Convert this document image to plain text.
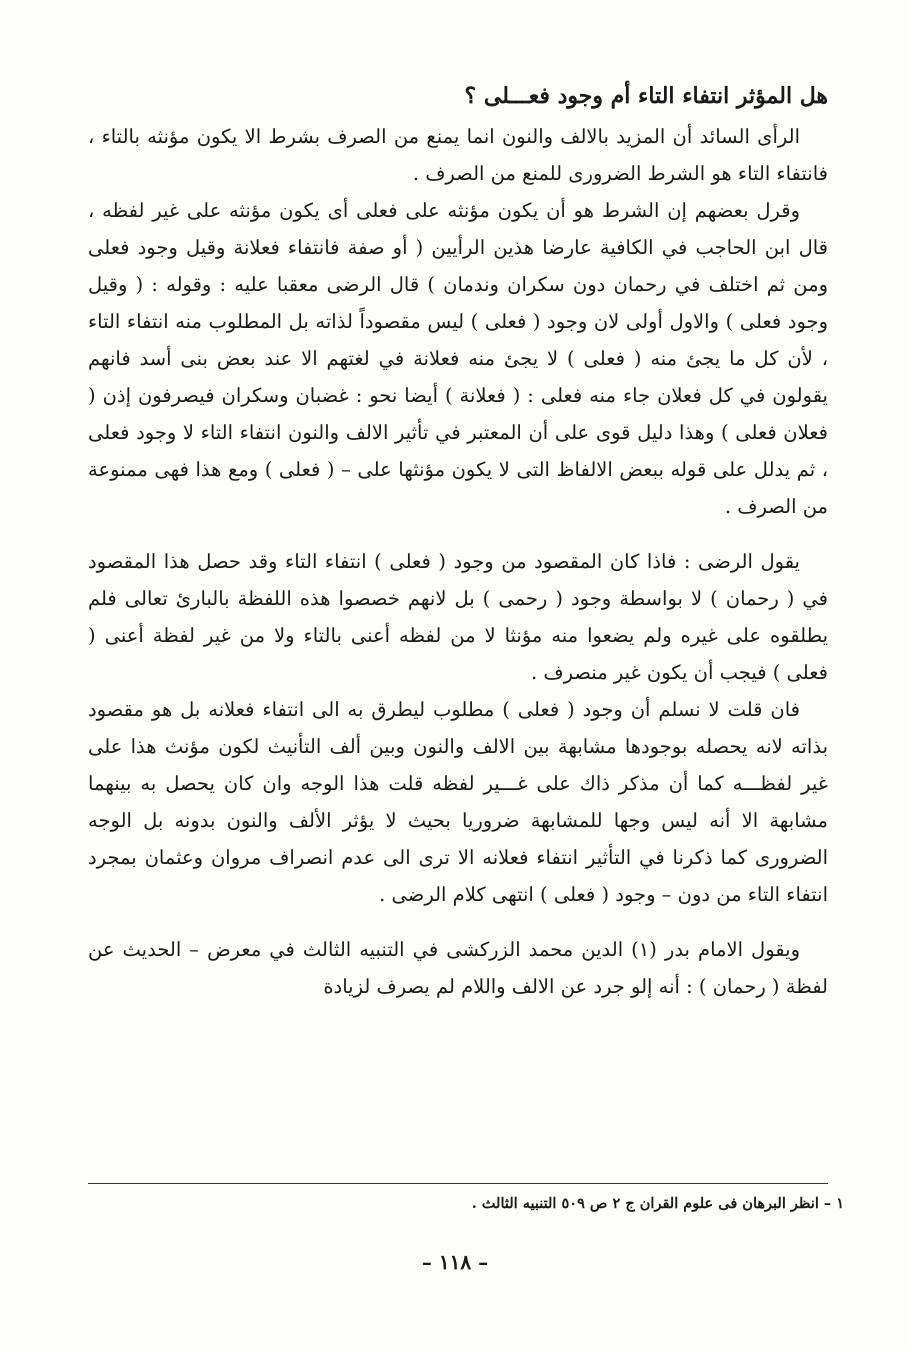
هل المؤثر انتفاء التاء أم وجود فعـــلى ؟

الرأى السائد أن المزيد بالالف والنون انما يمنع من الصرف بشرط الا يكون مؤنثه بالتاء ، فانتفاء التاء هو الشرط الضرورى للمنع من الصرف .

وقرل بعضهم إن الشرط هو أن يكون مؤنثه على فعلى أى يكون مؤنثه على غير لفظه ، قال ابن الحاجب في الكافية عارضا هذين الرأيين ( أو صفة فانتفاء فعلانة وقيل وجود فعلى ومن ثم اختلف في رحمان دون سكران وندمان ) قال الرضى معقبا عليه : وقوله : ( وقيل وجود فعلى ) والاول أولى لان وجود ( فعلى ) ليس مقصوداً لذاته بل المطلوب منه انتفاء التاء ، لأن كل ما يجئ منه ( فعلى ) لا يجئ منه فعلانة في لغتهم الا عند بعض بنى أسد فانهم يقولون في كل فعلان جاء منه فعلى : ( فعلانة ) أيضا نحو : غضبان وسكران فيصرفون إذن ( فعلان فعلى ) وهذا دليل قوى على أن المعتبر في تأثير الالف والنون انتفاء التاء لا وجود فعلى ، ثم يدلل على قوله ببعض الالفاظ التى لا يكون مؤنثها على – ( فعلى ) ومع هذا فهى ممنوعة من الصرف .

يقول الرضى : فاذا كان المقصود من وجود ( فعلى ) انتفاء التاء وقد حصل هذا المقصود في ( رحمان ) لا بواسطة وجود ( رحمى ) بل لانهم خصصوا هذه اللفظة بالبارئ تعالى فلم يطلقوه على غيره ولم يضعوا منه مؤنثا لا من لفظه أعنى بالتاء ولا من غير لفظة أعنى ( فعلى ) فيجب أن يكون غير منصرف .

فان قلت لا نسلم أن وجود ( فعلى ) مطلوب ليطرق به الى انتفاء فعلانه بل هو مقصود بذاته لانه يحصله بوجودها مشابهة بين الالف والنون وبين ألف التأنيث لكون مؤنث هذا على غير لفظـــه كما أن مذكر ذاك على غـــير لفظه قلت هذا الوجه وان كان يحصل به بينهما مشابهة الا أنه ليس وجها للمشابهة ضروريا بحيث لا يؤثر الألف والنون بدونه بل الوجه الضرورى كما ذكرنا في التأثير انتفاء فعلانه الا ترى الى عدم انصراف مروان وعثمان بمجرد انتفاء التاء من دون – وجود ( فعلى ) انتهى كلام الرضى .

ويقول الامام بدر (١) الدين محمد الزركشى في التنبيه الثالث في معرض – الحديث عن لفظة ( رحمان ) : أنه إلو جرد عن الالف واللام لم يصرف لزيادة

١ – انظر البرهان فى علوم القران ج ٢ ص ٥٠٩ التنبيه الثالث .
– ١١٨ –
